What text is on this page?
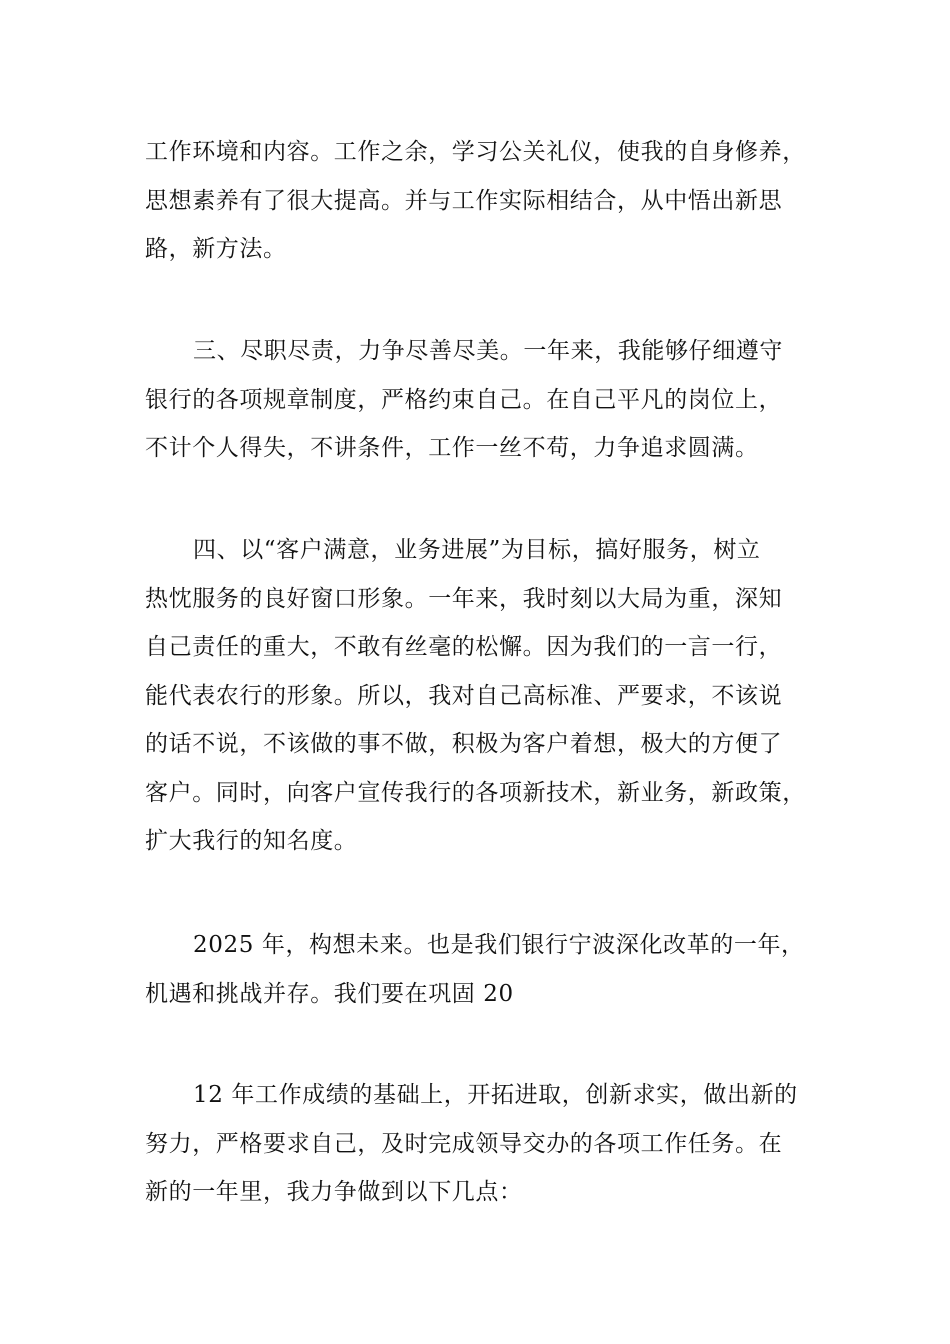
工作环境和内容。工作之余，学习公关礼仪，使我的自身修养，
思想素养有了很大提高。并与工作实际相结合，从中悟出新思
路，新方法。
三、尽职尽责，力争尽善尽美。一年来，我能够仔细遵守
银行的各项规章制度，严格约束自己。在自己平凡的岗位上，
不计个人得失，不讲条件，工作一丝不苟，力争追求圆满。
四、以“客户满意，业务进展”为目标，搞好服务，树立
热忱服务的良好窗口形象。一年来，我时刻以大局为重，深知
自己责任的重大，不敢有丝毫的松懈。因为我们的一言一行，
能代表农行的形象。所以，我对自己高标准、严要求，不该说
的话不说，不该做的事不做，积极为客户着想，极大的方便了
客户。同时，向客户宣传我行的各项新技术，新业务，新政策，
扩大我行的知名度。
2025 年，构想未来。也是我们银行宁波深化改革的一年，
机遇和挑战并存。我们要在巩固 20
12 年工作成绩的基础上，开拓进取，创新求实，做出新的
努力，严格要求自己，及时完成领导交办的各项工作任务。在
新的一年里，我力争做到以下几点：
